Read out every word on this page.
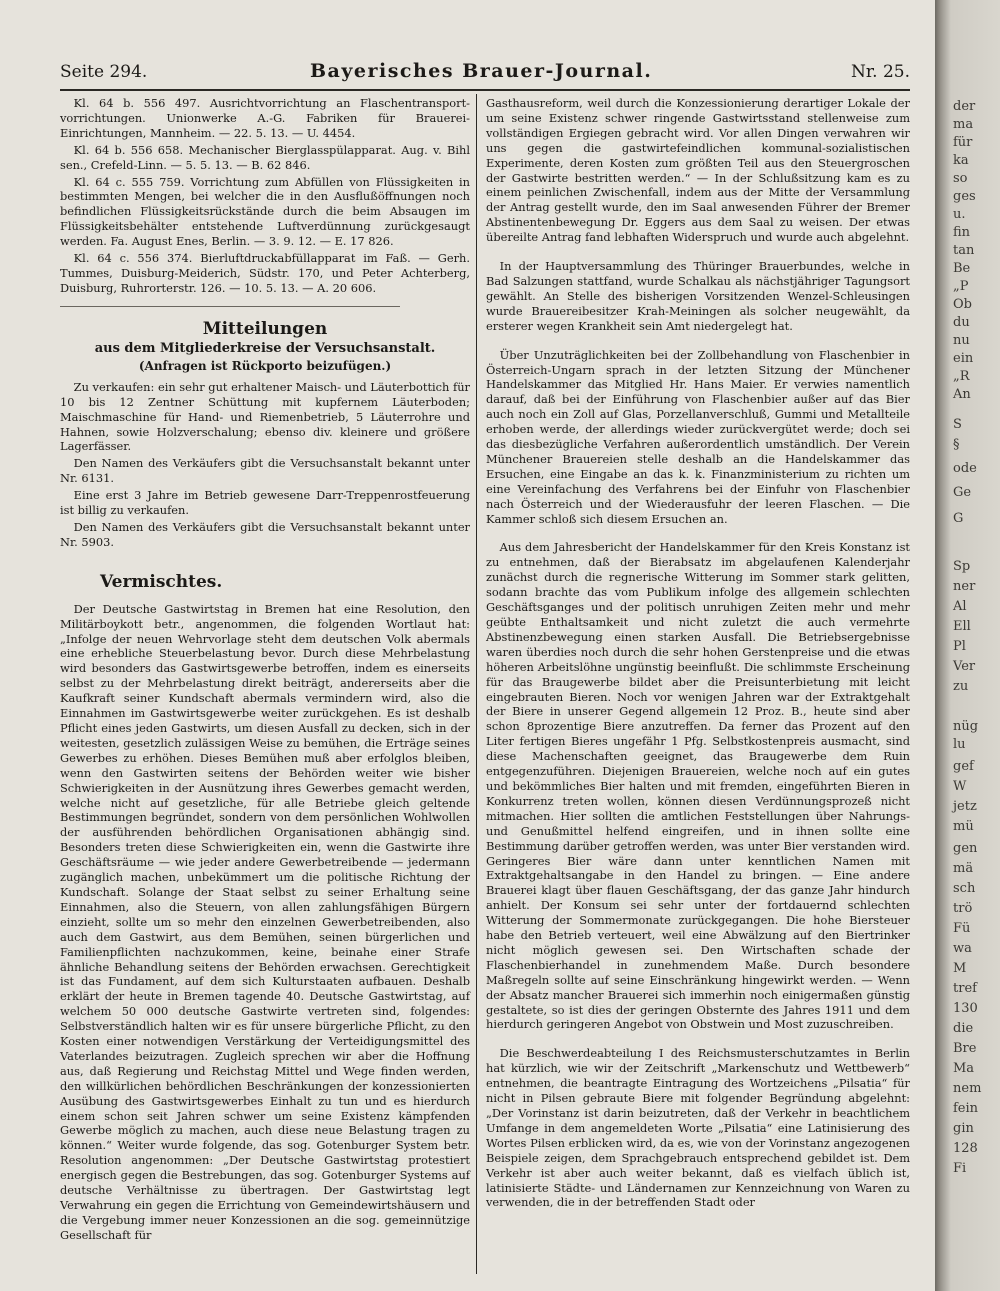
Seite 294.	Bayerisches Brauer-Journal.	Nr. 25.

Kl. 64 b. 556 497. Ausrichtvorrichtung an Flaschentransport-vorrichtungen. Unionwerke A.-G. Fabriken für Brauerei-Einrichtungen, Mannheim. — 22. 5. 13. — U. 4454.

Kl. 64 b. 556 658. Mechanischer Bierglasspülapparat. Aug. v. Bihl sen., Crefeld-Linn. — 5. 5. 13. — B. 62 846.

Kl. 64 c. 555 759. Vorrichtung zum Abfüllen von Flüssigkeiten in bestimmten Mengen, bei welcher die in den Ausflußöffnungen noch befindlichen Flüssigkeitsrückstände durch die beim Absaugen im Flüssigkeitsbehälter entstehende Luftverdünnung zurückgesaugt werden. Fa. August Enes, Berlin. — 3. 9. 12. — E. 17 826.

Kl. 64 c. 556 374. Bierluftdruckabfüllapparat im Faß. — Gerh. Tummes, Duisburg-Meiderich, Südstr. 170, und Peter Achterberg, Duisburg, Ruhrorterstr. 126. — 10. 5. 13. — A. 20 606.

Mitteilungen
aus dem Mitgliederkreise der Versuchsanstalt.
(Anfragen ist Rückporto beizufügen.)

Zu verkaufen: ein sehr gut erhaltener Maisch- und Läuterbottich für 10 bis 12 Zentner Schüttung mit kupfernem Läuterboden; Maischmaschine für Hand- und Riemenbetrieb, 5 Läuterrohre und Hahnen, sowie Holzverschalung; ebenso div. kleinere und größere Lagerfässer.

Den Namen des Verkäufers gibt die Versuchsanstalt bekannt unter Nr. 6131.

Eine erst 3 Jahre im Betrieb gewesene Darr-Treppenrostfeuerung ist billig zu verkaufen.

Den Namen des Verkäufers gibt die Versuchsanstalt bekannt unter Nr. 5903.

Vermischtes.

Der Deutsche Gastwirtstag in Bremen hat eine Resolution, den Militärboykott betr., angenommen, die folgenden Wortlaut hat: „Infolge der neuen Wehrvorlage steht dem deutschen Volk abermals eine erhebliche Steuerbelastung bevor. Durch diese Mehrbelastung wird besonders das Gastwirtsgewerbe betroffen, indem es einerseits selbst zu der Mehrbelastung direkt beiträgt, andererseits aber die Kaufkraft seiner Kundschaft abermals vermindern wird, also die Einnahmen im Gastwirtsgewerbe weiter zurückgehen. Es ist deshalb Pflicht eines jeden Gastwirts, um diesen Ausfall zu decken, sich in der weitesten, gesetzlich zulässigen Weise zu bemühen, die Erträge seines Gewerbes zu erhöhen. Dieses Bemühen muß aber erfolglos bleiben, wenn den Gastwirten seitens der Behörden weiter wie bisher Schwierigkeiten in der Ausnützung ihres Gewerbes gemacht werden, welche nicht auf gesetzliche, für alle Betriebe gleich geltende Bestimmungen begründet, sondern von dem persönlichen Wohlwollen der ausführenden behördlichen Organisationen abhängig sind. Besonders treten diese Schwierigkeiten ein, wenn die Gastwirte ihre Geschäftsräume — wie jeder andere Gewerbetreibende — jedermann zugänglich machen, unbekümmert um die politische Richtung der Kundschaft. Solange der Staat selbst zu seiner Erhaltung seine Einnahmen, also die Steuern, von allen zahlungsfähigen Bürgern einzieht, sollte um so mehr den einzelnen Gewerbetreibenden, also auch dem Gastwirt, aus dem Bemühen, seinen bürgerlichen und Familienpflichten nachzukommen, keine, beinahe einer Strafe ähnliche Behandlung seitens der Behörden erwachsen. Gerechtigkeit ist das Fundament, auf dem sich Kulturstaaten aufbauen. Deshalb erklärt der heute in Bremen tagende 40. Deutsche Gastwirtstag, auf welchem 50 000 deutsche Gastwirte vertreten sind, folgendes: Selbstverständlich halten wir es für unsere bürgerliche Pflicht, zu den Kosten einer notwendigen Verstärkung der Verteidigungsmittel des Vaterlandes beizutragen. Zugleich sprechen wir aber die Hoffnung aus, daß Regierung und Reichstag Mittel und Wege finden werden, den willkürlichen behördlichen Beschränkungen der konzessionierten Ausübung des Gastwirtsgewerbes Einhalt zu tun und es hierdurch einem schon seit Jahren schwer um seine Existenz kämpfenden Gewerbe möglich zu machen, auch diese neue Belastung tragen zu können.“ Weiter wurde folgende, das sog. Gotenburger System betr. Resolution angenommen: „Der Deutsche Gastwirtstag protestiert energisch gegen die Bestrebungen, das sog. Gotenburger Systems auf deutsche Verhältnisse zu übertragen. Der Gastwirtstag legt Verwahrung ein gegen die Errichtung von Gemeindewirtshäusern und die Vergebung immer neuer Konzessionen an die sog. gemeinnützige Gesellschaft für

Gasthausreform, weil durch die Konzessionierung derartiger Lokale der um seine Existenz schwer ringende Gastwirtsstand stellenweise zum vollständigen Ergiegen gebracht wird. Vor allen Dingen verwahren wir uns gegen die gastwirtefeindlichen kommunal-sozialistischen Experimente, deren Kosten zum größten Teil aus den Steuergroschen der Gastwirte bestritten werden.“ — In der Schlußsitzung kam es zu einem peinlichen Zwischenfall, indem aus der Mitte der Versammlung der Antrag gestellt wurde, den im Saal anwesenden Führer der Bremer Abstinentenbewegung Dr. Eggers aus dem Saal zu weisen. Der etwas übereilte Antrag fand lebhaften Widerspruch und wurde auch abgelehnt.

In der Hauptversammlung des Thüringer Brauerbundes, welche in Bad Salzungen stattfand, wurde Schalkau als nächstjähriger Tagungsort gewählt. An Stelle des bisherigen Vorsitzenden Wenzel-Schleusingen wurde Brauereibesitzer Krah-Meiningen als solcher neugewählt, da ersterer wegen Krankheit sein Amt niedergelegt hat.

Über Unzuträglichkeiten bei der Zollbehandlung von Flaschenbier in Österreich-Ungarn sprach in der letzten Sitzung der Münchener Handelskammer das Mitglied Hr. Hans Maier. Er verwies namentlich darauf, daß bei der Einführung von Flaschenbier außer auf das Bier auch noch ein Zoll auf Glas, Porzellanverschluß, Gummi und Metallteile erhoben werde, der allerdings wieder zurückvergütet werde; doch sei das diesbezügliche Verfahren außerordentlich umständlich. Der Verein Münchener Brauereien stelle deshalb an die Handelskammer das Ersuchen, eine Eingabe an das k. k. Finanzministerium zu richten um eine Vereinfachung des Verfahrens bei der Einfuhr von Flaschenbier nach Österreich und der Wiederausfuhr der leeren Flaschen. — Die Kammer schloß sich diesem Ersuchen an.

Aus dem Jahresbericht der Handelskammer für den Kreis Konstanz ist zu entnehmen, daß der Bierabsatz im abgelaufenen Kalenderjahr zunächst durch die regnerische Witterung im Sommer stark gelitten, sodann brachte das vom Publikum infolge des allgemein schlechten Geschäftsganges und der politisch unruhigen Zeiten mehr und mehr geübte Enthaltsamkeit und nicht zuletzt die auch vermehrte Abstinenzbewegung einen starken Ausfall. Die Betriebsergebnisse waren überdies noch durch die sehr hohen Gerstenpreise und die etwas höheren Arbeitslöhne ungünstig beeinflußt. Die schlimmste Erscheinung für das Braugewerbe bildet aber die Preisunterbietung mit leicht eingebrauten Bieren. Noch vor wenigen Jahren war der Extraktgehalt der Biere in unserer Gegend allgemein 12 Proz. B., heute sind aber schon 8prozentige Biere anzutreffen. Da ferner das Prozent auf den Liter fertigen Bieres ungefähr 1 Pfg. Selbstkostenpreis ausmacht, sind diese Machenschaften geeignet, das Braugewerbe dem Ruin entgegenzuführen. Diejenigen Brauereien, welche noch auf ein gutes und bekömmliches Bier halten und mit fremden, eingeführten Bieren in Konkurrenz treten wollen, können diesen Verdünnungsprozeß nicht mitmachen. Hier sollten die amtlichen Feststellungen über Nahrungs- und Genußmittel helfend eingreifen, und in ihnen sollte eine Bestimmung darüber getroffen werden, was unter Bier verstanden wird. Geringeres Bier wäre dann unter kenntlichen Namen mit Extraktgehaltsangabe in den Handel zu bringen. — Eine andere Brauerei klagt über flauen Geschäftsgang, der das ganze Jahr hindurch anhielt. Der Konsum sei sehr unter der fortdauernd schlechten Witterung der Sommermonate zurückgegangen. Die hohe Biersteuer habe den Betrieb verteuert, weil eine Abwälzung auf den Biertrinker nicht möglich gewesen sei. Den Wirtschaften schade der Flaschenbierhandel in zunehmendem Maße. Durch besondere Maßregeln sollte auf seine Einschränkung hingewirkt werden. — Wenn der Absatz mancher Brauerei sich immerhin noch einigermaßen günstig gestaltete, so ist dies der geringen Obsternte des Jahres 1911 und dem hierdurch geringeren Angebot von Obstwein und Most zuzuschreiben.

Die Beschwerdeabteilung I des Reichsmusterschutzamtes in Berlin hat kürzlich, wie wir der Zeitschrift „Markenschutz und Wettbewerb“ entnehmen, die beantragte Eintragung des Wortzeichens „Pilsatia“ für nicht in Pilsen gebraute Biere mit folgender Begründung abgelehnt: „Der Vorinstanz ist darin beizutreten, daß der Verkehr in beachtlichem Umfange in dem angemeldeten Worte „Pilsatia“ eine Latinisierung des Wortes Pilsen erblicken wird, da es, wie von der Vorinstanz angezogenen Beispiele zeigen, dem Sprachgebrauch entsprechend gebildet ist. Dem Verkehr ist aber auch weiter bekannt, daß es vielfach üblich ist, latinisierte Städte- und Ländernamen zur Kennzeichnung von Waren zu verwenden, die in der betreffenden Stadt oder

der
ma
für
ka
so
ges
u.
fin
tan
Be
„P
Ob
du
nu
ein
„R
An
S
§
ode
Ge
G
Sp
ner
Al
Ell
Pl
Ver
zu
nüg
lu
gef
W
jetz
mü
gen
mä
sch
trö
Fü
wa
M
tref
130
die
Bre
Ma
nem
fein
gin
128
Fi
